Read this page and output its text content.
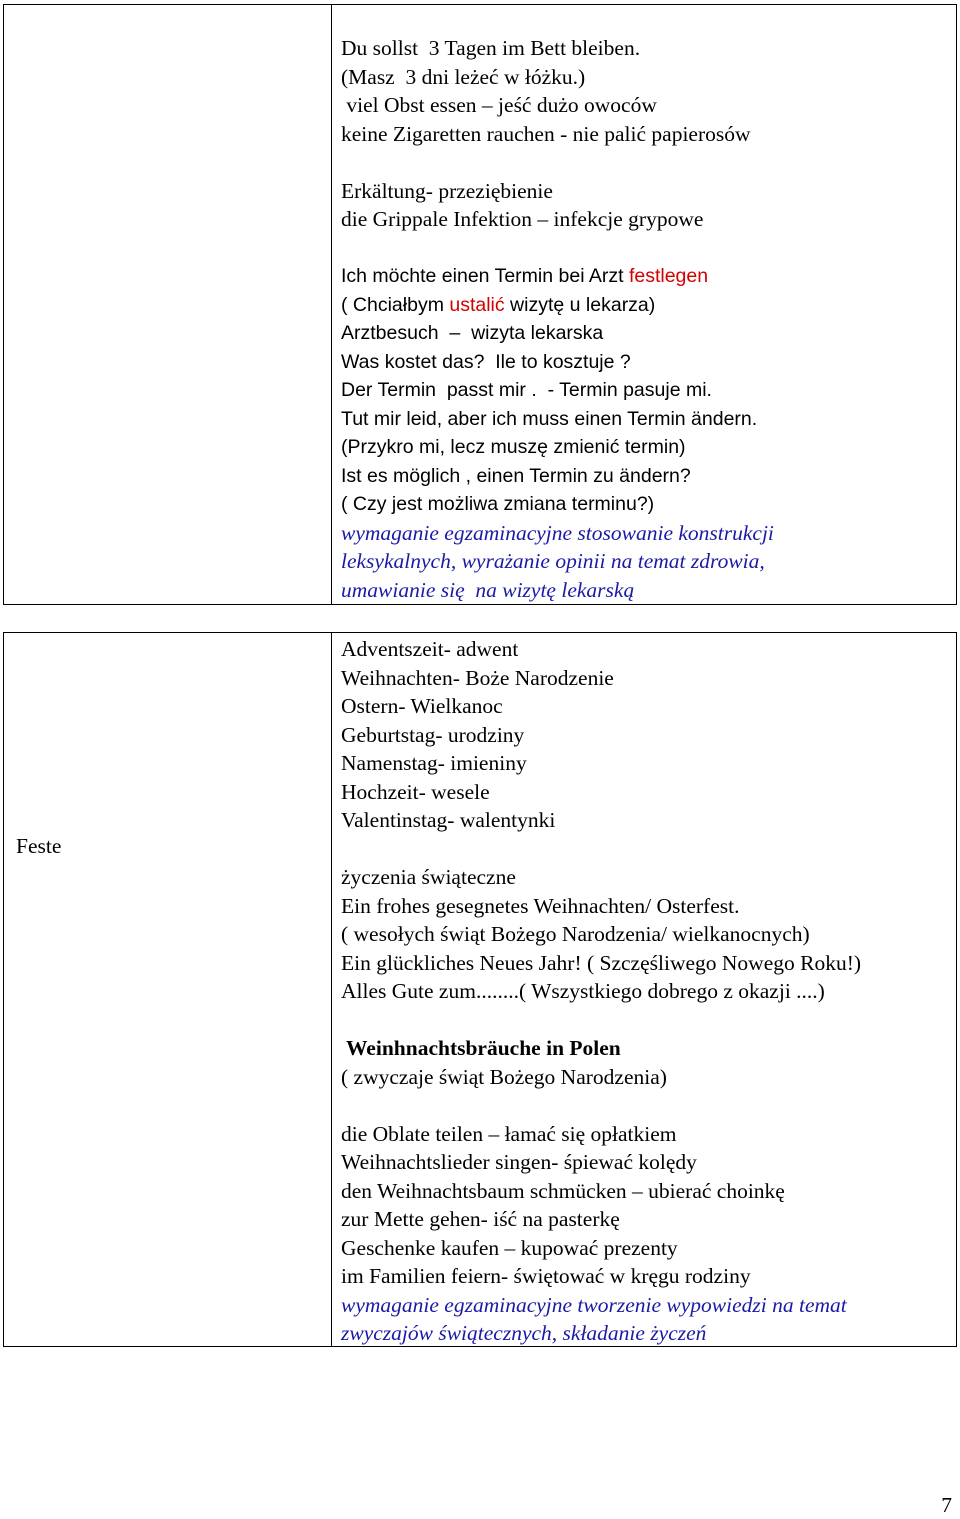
Du sollst  3 Tagen im Bett bleiben.
(Masz  3 dni leżeć w łóżku.)
viel Obst essen – jeść dużo owoców
keine Zigaretten rauchen - nie palić papierosów
Erkältung- przeziębienie
die Grippale Infektion – infekcje grypowe
Ich möchte einen Termin bei Arzt festlegen
( Chciałbym ustalić wizytę u lekarza)
Arztbesuch  –  wizyta lekarska
Was kostet das?  Ile to kosztuje ?
Der Termin  passt mir .  - Termin pasuje mi.
Tut mir leid, aber ich muss einen Termin ändern.
(Przykro mi, lecz muszę zmienić termin)
Ist es möglich , einen Termin zu ändern?
( Czy jest możliwa zmiana terminu?)
wymaganie egzaminacyjne stosowanie konstrukcji
leksykalnych, wyrażanie opinii na temat zdrowia,
umawianie się  na wizytę lekarską
Feste
Adventszeit- adwent
Weihnachten- Boże Narodzenie
Ostern- Wielkanoc
Geburtstag- urodziny
Namenstag- imieniny
Hochzeit- wesele
Valentinstag- walentynki
życzenia świąteczne
Ein frohes gesegnetes Weihnachten/ Osterfest.
( wesołych świąt Bożego Narodzenia/ wielkanocnych)
Ein glückliches Neues Jahr! ( Szczęśliwego Nowego Roku!)
Alles Gute zum........( Wszystkiego dobrego z okazji ....)
Weinhnachtsbräuche in Polen
( zwyczaje świąt Bożego Narodzenia)
die Oblate teilen – łamać się opłatkiem
Weihnachtslieder singen- śpiewać kolędy
den Weihnachtsbaum schmücken – ubierać choinkę
zur Mette gehen- iść na pasterkę
Geschenke kaufen – kupować prezenty
im Familien feiern- świętować w kręgu rodziny
wymaganie egzaminacyjne tworzenie wypowiedzi na temat
zwyczajów świątecznych, składanie życzeń
7
